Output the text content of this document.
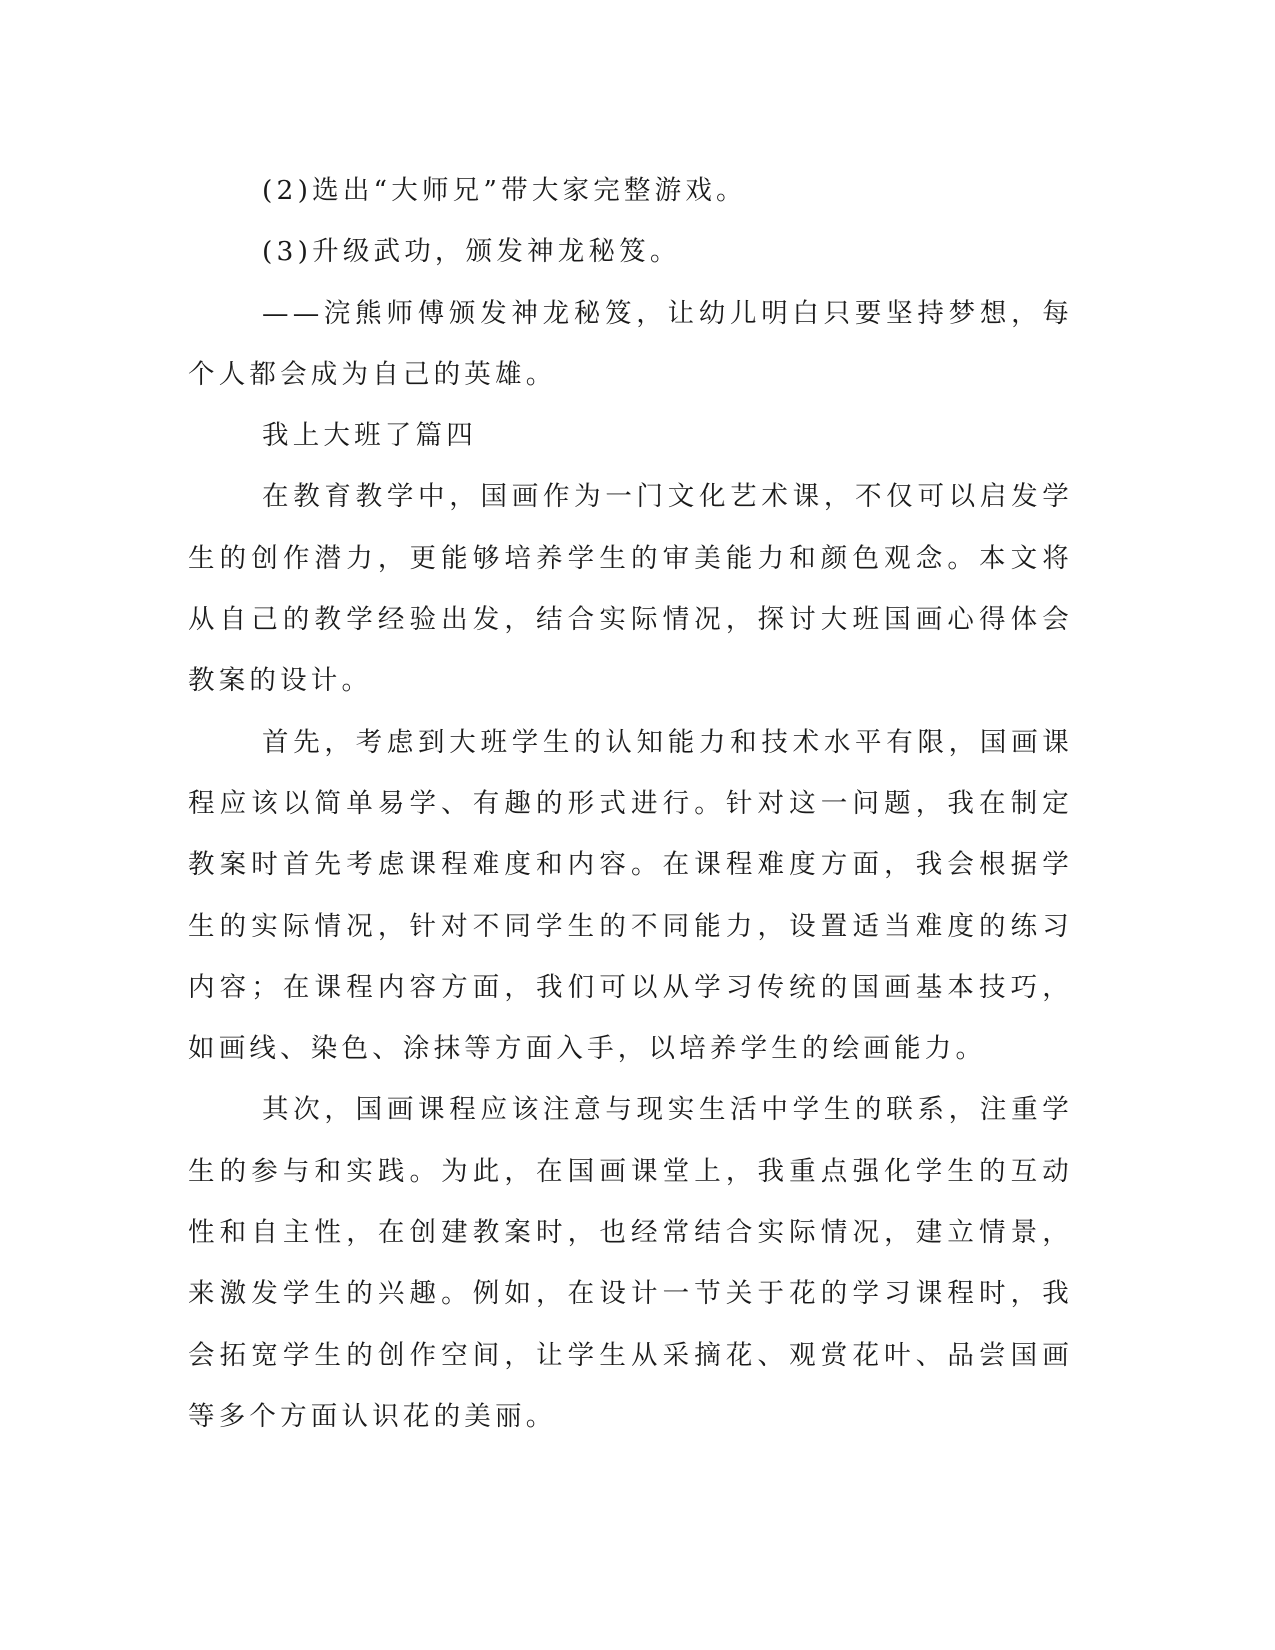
(2)选出“大师兄”带大家完整游戏。

(3)升级武功，颁发神龙秘笈。

——浣熊师傅颁发神龙秘笈，让幼儿明白只要坚持梦想，每个人都会成为自己的英雄。

我上大班了篇四

在教育教学中，国画作为一门文化艺术课，不仅可以启发学生的创作潜力，更能够培养学生的审美能力和颜色观念。本文将从自己的教学经验出发，结合实际情况，探讨大班国画心得体会教案的设计。

首先，考虑到大班学生的认知能力和技术水平有限，国画课程应该以简单易学、有趣的形式进行。针对这一问题，我在制定教案时首先考虑课程难度和内容。在课程难度方面，我会根据学生的实际情况，针对不同学生的不同能力，设置适当难度的练习内容；在课程内容方面，我们可以从学习传统的国画基本技巧，如画线、染色、涂抹等方面入手，以培养学生的绘画能力。

其次，国画课程应该注意与现实生活中学生的联系，注重学生的参与和实践。为此，在国画课堂上，我重点强化学生的互动性和自主性，在创建教案时，也经常结合实际情况，建立情景，来激发学生的兴趣。例如，在设计一节关于花的学习课程时，我会拓宽学生的创作空间，让学生从采摘花、观赏花叶、品尝国画等多个方面认识花的美丽。
